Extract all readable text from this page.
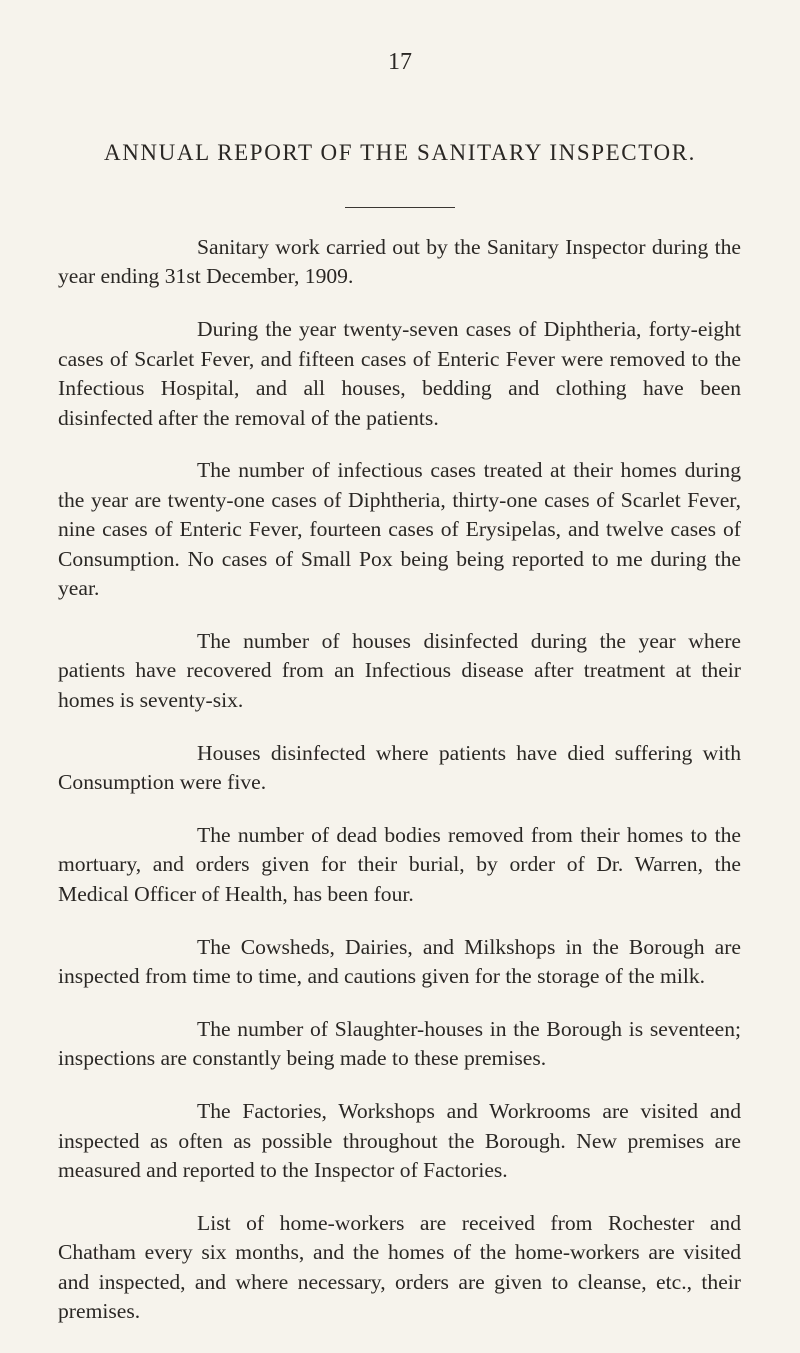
17
ANNUAL REPORT OF THE SANITARY INSPECTOR.

Sanitary work carried out by the Sanitary Inspector during the year ending 31st December, 1909.

During the year twenty-seven cases of Diphtheria, forty-eight cases of Scarlet Fever, and fifteen cases of Enteric Fever were removed to the Infectious Hospital, and all houses, bedding and clothing have been disinfected after the removal of the patients.

The number of infectious cases treated at their homes during the year are twenty-one cases of Diphtheria, thirty-one cases of Scarlet Fever, nine cases of Enteric Fever, fourteen cases of Erysipelas, and twelve cases of Consumption. No cases of Small Pox being being reported to me during the year.

The number of houses disinfected during the year where patients have recovered from an Infectious disease after treatment at their homes is seventy-six.

Houses disinfected where patients have died suffering with Consumption were five.

The number of dead bodies removed from their homes to the mortuary, and orders given for their burial, by order of Dr. Warren, the Medical Officer of Health, has been four.

The Cowsheds, Dairies, and Milkshops in the Borough are inspected from time to time, and cautions given for the storage of the milk.

The number of Slaughter-houses in the Borough is seventeen; inspections are constantly being made to these premises.

The Factories, Workshops and Workrooms are visited and inspected as often as possible throughout the Borough. New premises are measured and reported to the Inspector of Factories.

List of home-workers are received from Rochester and Chatham every six months, and the homes of the home-workers are visited and inspected, and where necessary, orders are given to cleanse, etc., their premises.
